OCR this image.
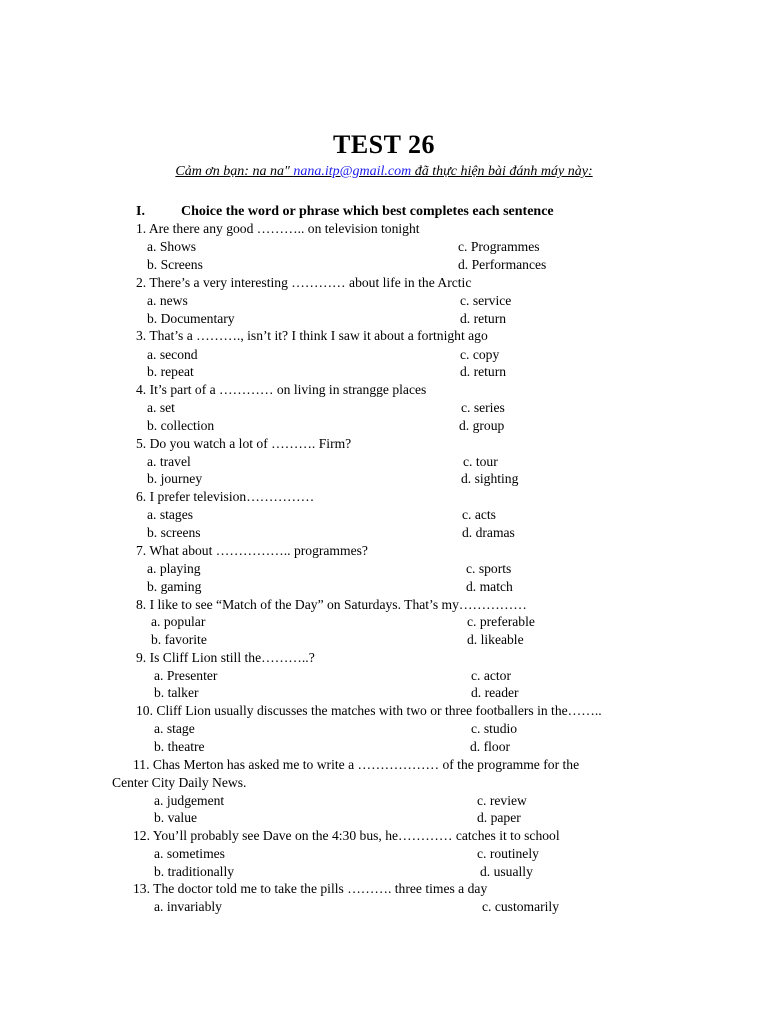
TEST 26
Cảm ơn bạn: na na" nana.itp@gmail.com đã thực hiện bài đánh máy này:
I.	Choice the word or phrase which best completes each sentence
1. Are there any good ……….. on television tonight
a. Shows	c. Programmes
b. Screens	d. Performances
2. There’s a very interesting ………… about life in the Arctic
a. news	c. service
b. Documentary	d. return
3. That’s a ………., isn’t it? I think I saw it about a fortnight ago
a. second	c. copy
b. repeat	d. return
4. It’s part of a ………… on living in strangge places
a. set	c. series
b. collection	d. group
5. Do you watch a lot of ………. Firm?
a. travel	c. tour
b. journey	d. sighting
6. I prefer television……………
a. stages	c. acts
b. screens	d. dramas
7. What about …………….. programmes?
a. playing	c. sports
b. gaming	d. match
8. I like to see “Match of the Day” on Saturdays. That’s my……………
a. popular	c. preferable
b. favorite	d. likeable
9. Is Cliff Lion still the………..?
a. Presenter	c. actor
b. talker	d. reader
10. Cliff Lion usually discusses the matches with two or three footballers in the……..
a. stage	c. studio
b. theatre	d. floor
11. Chas Merton has asked me to write a ……………… of the programme for the
Center City Daily News.
a. judgement	c. review
b. value	d. paper
12. You’ll probably see Dave on the 4:30 bus, he………… catches it to school
a. sometimes	c. routinely
b. traditionally	d. usually
13. The doctor told me to take the pills ………. three times a day
a. invariably	c. customarily
